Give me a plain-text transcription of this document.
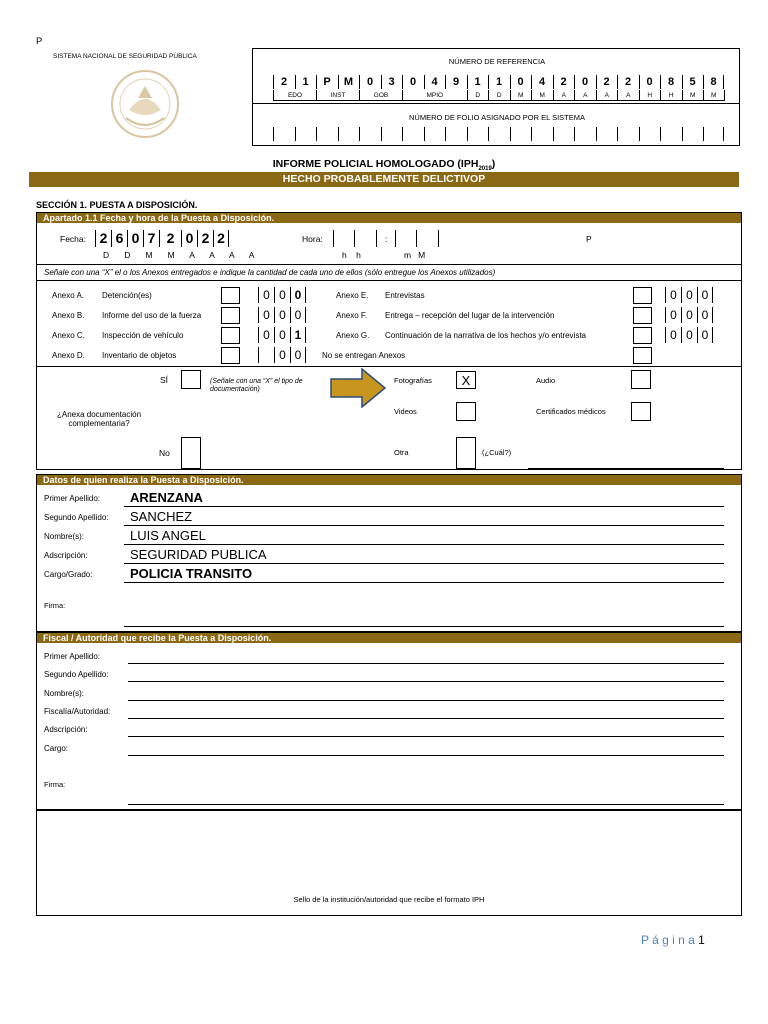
P
SISTEMA NACIONAL DE SEGURIDAD PÚBLICA
NÚMERO DE REFERENCIA
2	1	P	M	0	3	0	4	9	1	1	0	4	2	0	2	2	0	8	5	8
EDO	INST	GOB	MPIO	D	D	M	M	A	A	A	A	H	H	M	M
NÚMERO DE FOLIO ASIGNADO POR EL SISTEMA
INFORME POLICIAL HOMOLOGADO $(IPH_{2019})$
HECHO PROBABLEMENTE DELICTIVOP
SECCIÓN 1. PUESTA A DISPOSICIÓN.
Apartado 1.1 Fecha y hora de la Puesta a Disposición.
Fecha: 2 6 0 7 2 0 2 2
D   D   M   M   A   A   A   A
Hora:	:
h    h	m   M
P
Señale con una “X” el o los Anexos entregados e indique la cantidad de cada uno de ellos (sólo entregue los Anexos utilizados)
Anexo A. Detención(es)	0 0 0
Anexo B. Informe del uso de la fuerza	0 0 0
Anexo C. Inspección de vehículo	0 0 1
Anexo D. Inventario de objetos	0 0
Anexo E. Entrevistas	0 0 0
Anexo F. Entrega – recepción del lugar de la intervención	0 0 0
Anexo G. Continuación de la narrativa de los hechos y/o entrevista	0 0 0
No se entregan Anexos
SÍ	(Señale con una “X” el tipo de documentación)
¿Anexa documentación complementaria?
No
Fotografías	X	Audio
Videos	Certificados médicos
Otra	(¿Cuál?)
Datos de quien realiza la Puesta a Disposición.
Primer Apellido: ARENZANA
Segundo Apellido: SANCHEZ
Nombre(s):	LUIS ANGEL
Adscripción:	SEGURIDAD PUBLICA
Cargo/Grado:	POLICIA TRANSITO
Firma:
Fiscal / Autoridad que recibe la Puesta a Disposición.
Primer Apellido:
Segundo Apellido:
Nombre(s):
Fiscalía/Autoridad:
Adscripción:
Cargo:
Firma:
Sello de la institución/autoridad que recibe el formato IPH
P á g i n a 1
